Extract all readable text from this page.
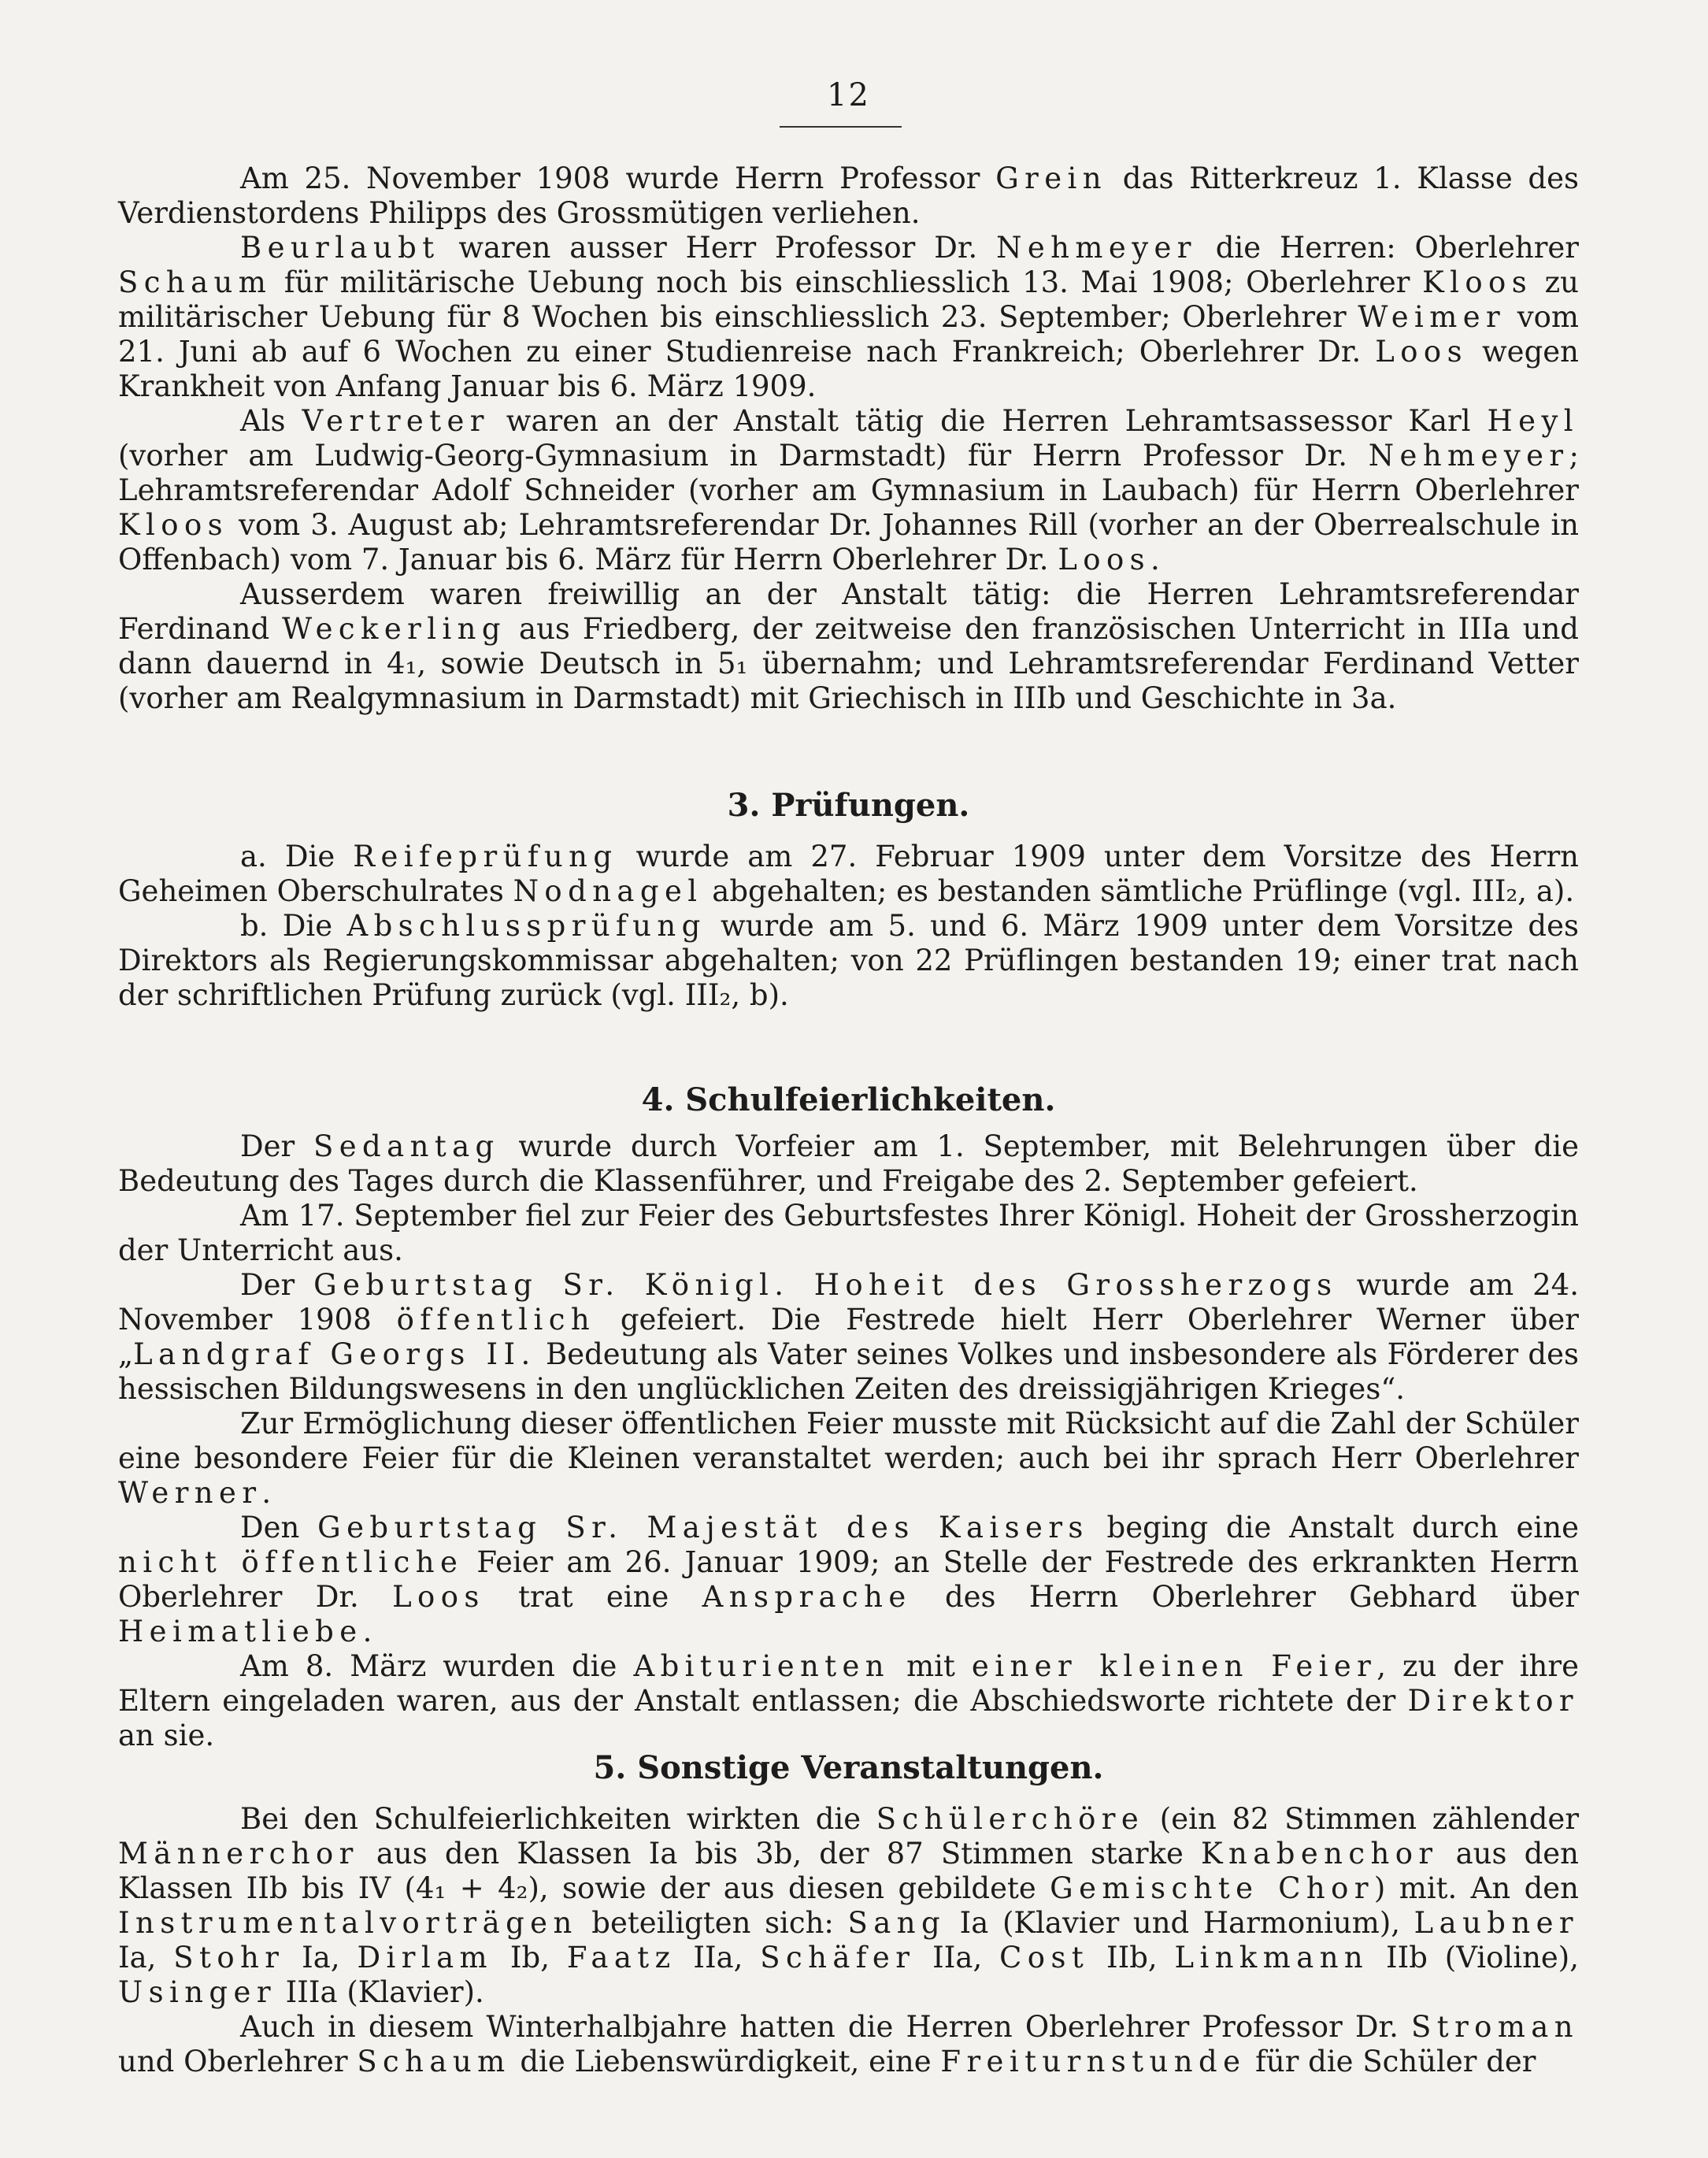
12

Am 25. November 1908 wurde Herrn Professor Grein das Ritterkreuz 1. Klasse des Verdienstordens Philipps des Grossmütigen verliehen.

Beurlaubt waren ausser Herr Professor Dr. Nehmeyer die Herren: Oberlehrer Schaum für militärische Uebung noch bis einschliesslich 13. Mai 1908; Oberlehrer Kloos zu militärischer Uebung für 8 Wochen bis einschliesslich 23. September; Oberlehrer Weimer vom 21. Juni ab auf 6 Wochen zu einer Studienreise nach Frankreich; Oberlehrer Dr. Loos wegen Krankheit von Anfang Januar bis 6. März 1909.

Als Vertreter waren an der Anstalt tätig die Herren Lehramtsassessor Karl Heyl (vorher am Ludwig-Georg-Gymnasium in Darmstadt) für Herrn Professor Dr. Nehmeyer; Lehramtsreferendar Adolf Schneider (vorher am Gymnasium in Laubach) für Herrn Oberlehrer Kloos vom 3. August ab; Lehramtsreferendar Dr. Johannes Rill (vorher an der Oberrealschule in Offenbach) vom 7. Januar bis 6. März für Herrn Oberlehrer Dr. Loos.

Ausserdem waren freiwillig an der Anstalt tätig: die Herren Lehramtsreferendar Ferdinand Weckerling aus Friedberg, der zeitweise den französischen Unterricht in IIIa und dann dauernd in 4₁, sowie Deutsch in 5₁ übernahm; und Lehramtsreferendar Ferdinand Vetter (vorher am Realgymnasium in Darmstadt) mit Griechisch in IIIb und Geschichte in 3a.

3. Prüfungen.

a. Die Reifeprüfung wurde am 27. Februar 1909 unter dem Vorsitze des Herrn Geheimen Oberschulrates Nodnagel abgehalten; es bestanden sämtliche Prüflinge (vgl. III₂, a).

b. Die Abschlussprüfung wurde am 5. und 6. März 1909 unter dem Vorsitze des Direktors als Regierungskommissar abgehalten; von 22 Prüflingen bestanden 19; einer trat nach der schriftlichen Prüfung zurück (vgl. III₂, b).

4. Schulfeierlichkeiten.

Der Sedantag wurde durch Vorfeier am 1. September, mit Belehrungen über die Bedeutung des Tages durch die Klassenführer, und Freigabe des 2. September gefeiert.

Am 17. September fiel zur Feier des Geburtsfestes Ihrer Königl. Hoheit der Grossherzogin der Unterricht aus.

Der Geburtstag Sr. Königl. Hoheit des Grossherzogs wurde am 24. November 1908 öffentlich gefeiert. Die Festrede hielt Herr Oberlehrer Werner über „Landgraf Georgs II. Bedeutung als Vater seines Volkes und insbesondere als Förderer des hessischen Bildungswesens in den unglücklichen Zeiten des dreissigjährigen Krieges“.

Zur Ermöglichung dieser öffentlichen Feier musste mit Rücksicht auf die Zahl der Schüler eine besondere Feier für die Kleinen veranstaltet werden; auch bei ihr sprach Herr Oberlehrer Werner.

Den Geburtstag Sr. Majestät des Kaisers beging die Anstalt durch eine nicht öffentliche Feier am 26. Januar 1909; an Stelle der Festrede des erkrankten Herrn Oberlehrer Dr. Loos trat eine Ansprache des Herrn Oberlehrer Gebhard über Heimatliebe.

Am 8. März wurden die Abiturienten mit einer kleinen Feier, zu der ihre Eltern eingeladen waren, aus der Anstalt entlassen; die Abschiedsworte richtete der Direktor an sie.

5. Sonstige Veranstaltungen.

Bei den Schulfeierlichkeiten wirkten die Schülerchöre (ein 82 Stimmen zählender Männerchor aus den Klassen Ia bis 3b, der 87 Stimmen starke Knabenchor aus den Klassen IIb bis IV (4₁ + 4₂), sowie der aus diesen gebildete Gemischte Chor) mit. An den Instrumentalvorträgen beteiligten sich: Sang Ia (Klavier und Harmonium), Laubner Ia, Stohr Ia, Dirlam Ib, Faatz IIa, Schäfer IIa, Cost IIb, Linkmann IIb (Violine), Usinger IIIa (Klavier).

Auch in diesem Winterhalbjahre hatten die Herren Oberlehrer Professor Dr. Stroman und Oberlehrer Schaum die Liebenswürdigkeit, eine Freiturnstunde für die Schüler der
